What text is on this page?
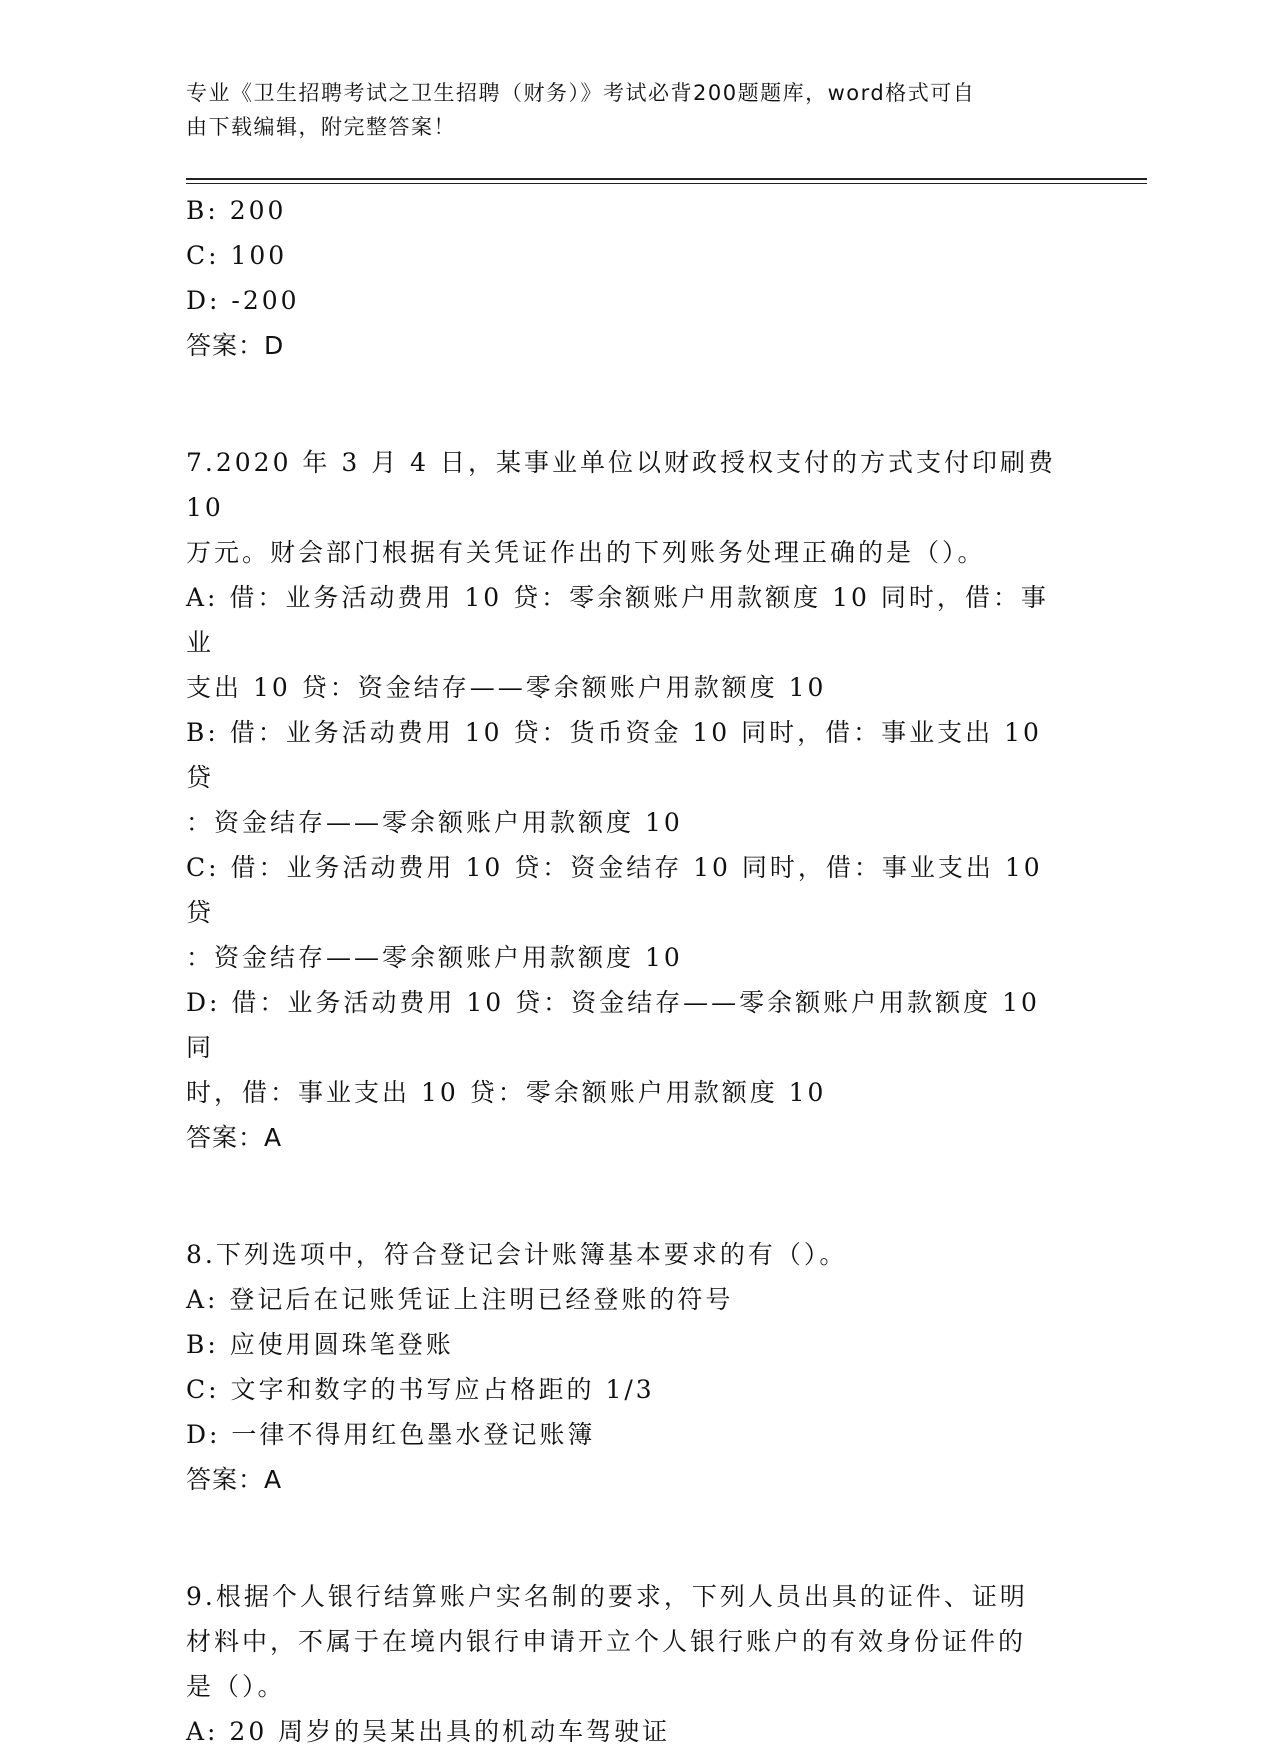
专业《卫生招聘考试之卫生招聘（财务）》考试必背200题题库，word格式可自
由下载编辑，附完整答案！
B: 200
C: 100
D: -200
答案：D
7.2020 年 3 月 4 日，某事业单位以财政授权支付的方式支付印刷费 10
万元。财会部门根据有关凭证作出的下列账务处理正确的是（）。
A: 借：业务活动费用 10 贷：零余额账户用款额度 10 同时，借：事业
支出 10 贷：资金结存——零余额账户用款额度 10
B: 借：业务活动费用 10 贷：货币资金 10 同时，借：事业支出 10 贷
：资金结存——零余额账户用款额度 10
C: 借：业务活动费用 10 贷：资金结存 10 同时，借：事业支出 10 贷
：资金结存——零余额账户用款额度 10
D: 借：业务活动费用 10 贷：资金结存——零余额账户用款额度 10 同
时，借：事业支出 10 贷：零余额账户用款额度 10
答案：A
8.下列选项中，符合登记会计账簿基本要求的有（）。
A: 登记后在记账凭证上注明已经登账的符号
B: 应使用圆珠笔登账
C: 文字和数字的书写应占格距的 1/3
D: 一律不得用红色墨水登记账簿
答案：A
9.根据个人银行结算账户实名制的要求，下列人员出具的证件、证明
材料中，不属于在境内银行申请开立个人银行账户的有效身份证件的
是（）。
A: 20 周岁的吴某出具的机动车驾驶证
